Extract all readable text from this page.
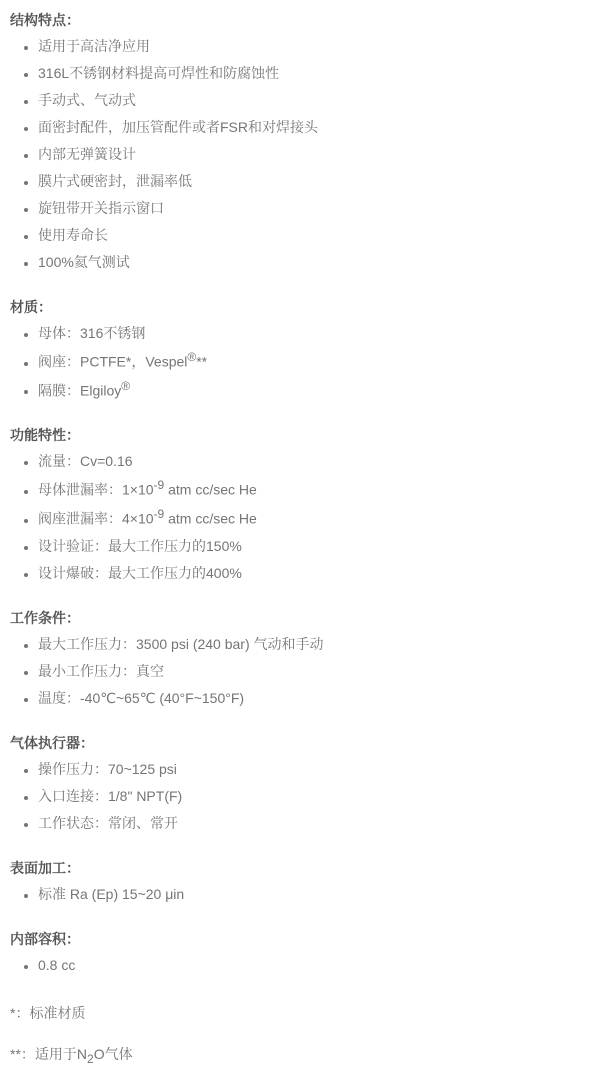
结构特点：
• 适用于高洁净应用
• 316L不锈钢材料提高可焊性和防腐蚀性
• 手动式、气动式
• 面密封配件，加压管配件或者FSR和对焊接头
• 内部无弹簧设计
• 膜片式硬密封，泄漏率低
• 旋钮带开关指示窗口
• 使用寿命长
• 100%氦气测试
材质：
• 母体：316不锈钢
• 阀座：PCTFE*，Vespel®**
• 隔膜：Elgiloy®
功能特性：
• 流量：Cv=0.16
• 母体泄漏率：$1\times 10^{-9}$ atm cc/sec He
• 阀座泄漏率：$4\times 10^{-9}$ atm cc/sec He
• 设计验证：最大工作压力的150%
• 设计爆破：最大工作压力的400%
工作条件：
• 最大工作压力：3500 psi (240 bar) 气动和手动
• 最小工作压力：真空
• 温度：-40℃~65℃ (40°F~150°F)
气体执行器：
• 操作压力：70~125 psi
• 入口连接：1/8" NPT(F)
• 工作状态：常闭、常开
表面加工：
• 标准 Ra (Ep) 15~20 μin
内部容积：
• 0.8 cc

*：标准材质

**：适用于$N_2O$气体
